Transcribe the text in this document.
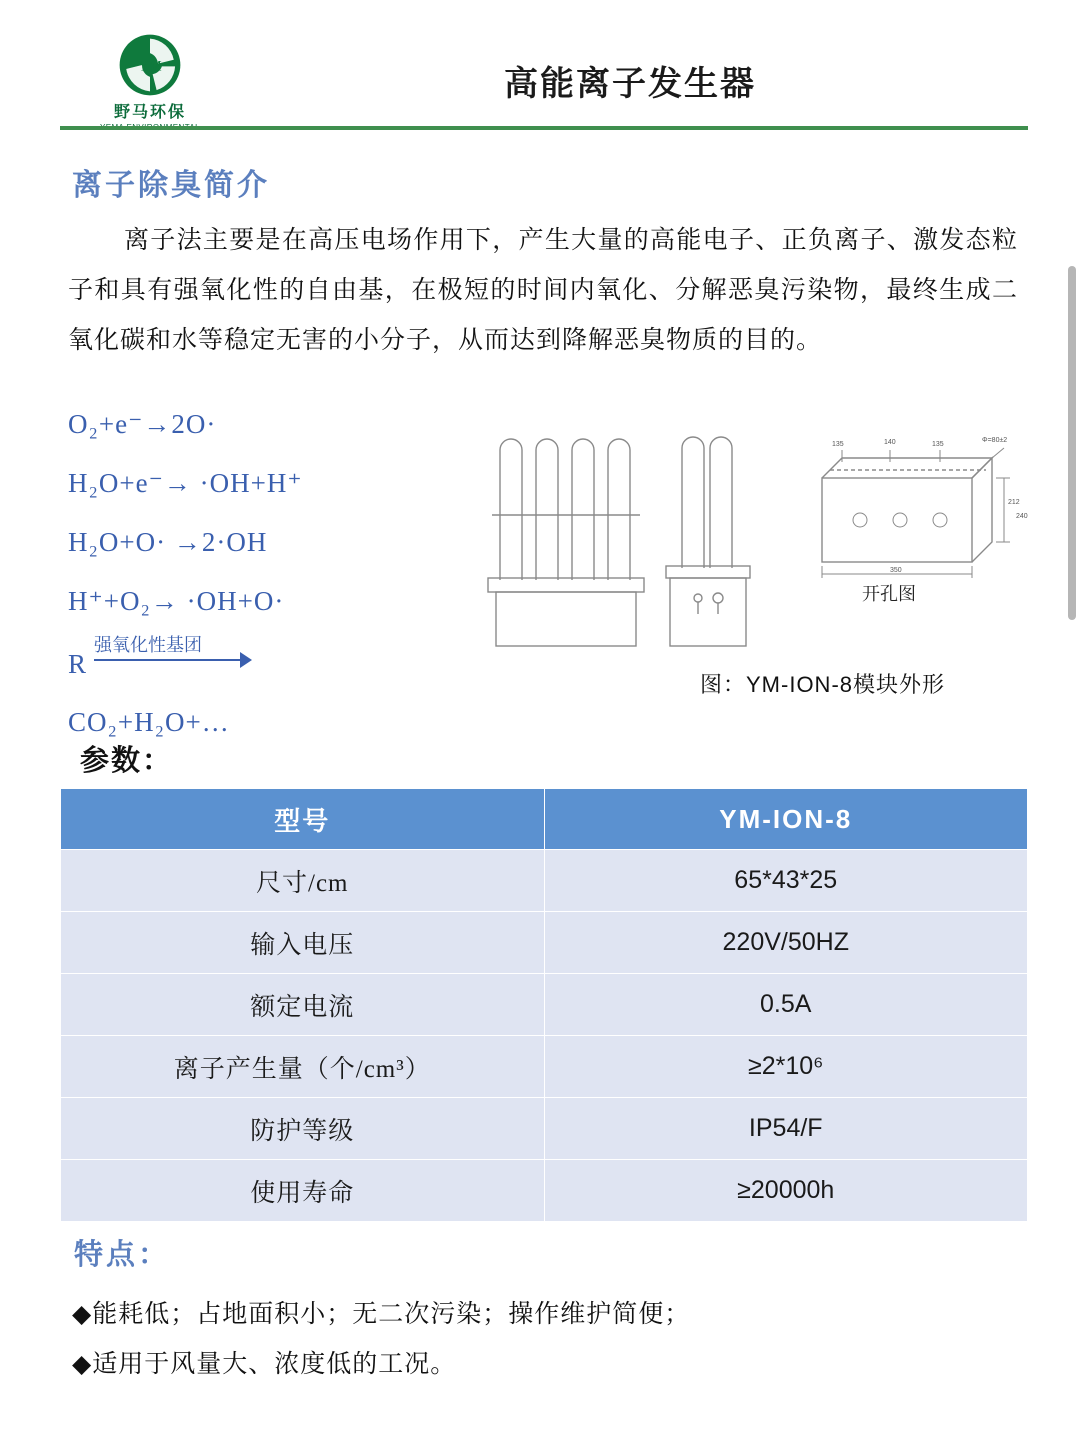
YM
野马环保
高能离子发生器
离子除臭简介
离子法主要是在高压电场作用下，产生大量的高能电子、正负离子、激发态粒子和具有强氧化性的自由基，在极短的时间内氧化、分解恶臭污染物，最终生成二氧化碳和水等稳定无害的小分子，从而达到降解恶臭物质的目的。
O₂+e⁻→2O·
H₂O+e⁻→ ·OH+H⁺
H₂O+O· →2·OH
H⁺+O₂→ ·OH+O·
R
强氧化性基团
CO₂+H₂O+…
135	140	135
Φ=80±2
212
240
350
开孔图
图：YM-ION-8模块外形
参数：
型号	YM-ION-8
尺寸/cm	65*43*25
输入电压	220V/50HZ
额定电流	0.5A
离子产生量（个/cm³）	≥2*10⁶
防护等级	IP54/F
使用寿命	≥20000h
特点：
◆能耗低；占地面积小；无二次污染；操作维护简便；
◆适用于风量大、浓度低的工况。
